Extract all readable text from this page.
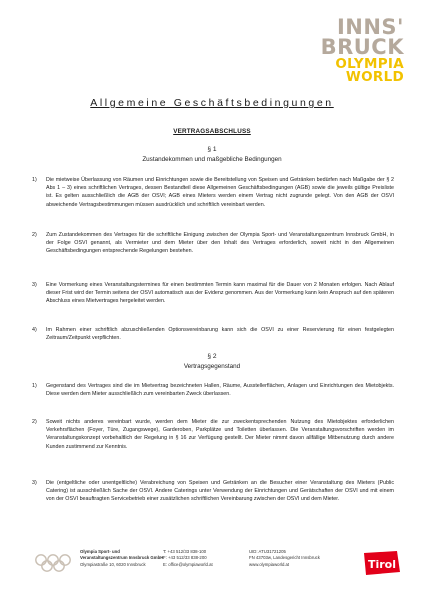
INNS'
BRUCK
OLYMPIA
WORLD
Allgemeine Geschäftsbedingungen
VERTRAGSABSCHLUSS
§ 1
Zustandekommen und maßgebliche Bedingungen
1) Die mietweise Überlassung von Räumen und Einrichtungen sowie die Bereitstellung von Speisen und Getränken bedürfen nach Maßgabe der § 2 Abs 1 – 3) eines schriftlichen Vertrages, dessen Bestandteil diese Allgemeinen Geschäftsbedingungen (AGB) sowie die jeweils gültige Preisliste ist. Es gelten ausschließlich die AGB der OSVI; AGB eines Mieters werden einem Vertrag nicht zugrunde gelegt. Von den AGB der OSVI abweichende Vertragsbestimmungen müssen ausdrücklich und schriftlich vereinbart werden.
2) Zum Zustandekommen des Vertrages für die schriftliche Einigung zwischen der Olympia Sport- und Veranstaltungszentrum Innsbruck GmbH, in der Folge OSVI genannt, als Vermieter und dem Mieter über den Inhalt des Vertrages erforderlich, soweit nicht in den Allgemeinen Geschäftsbedingungen entsprechende Regelungen bestehen.
3) Eine Vormerkung eines Veranstaltungstermines für einen bestimmten Termin kann maximal für die Dauer von 2 Monaten erfolgen. Nach Ablauf dieser Frist wird der Termin seitens der OSVI automatisch aus der Evidenz genommen. Aus der Vormerkung kann kein Anspruch auf den späteren Abschluss eines Mietvertrages hergeleitet werden.
4) Im Rahmen einer schriftlich abzuschließenden Optionsvereinbarung kann sich die OSVI zu einer Reservierung für einen festgelegten Zeitraum/Zeitpunkt verpflichten.
§ 2
Vertragsgegenstand
1) Gegenstand des Vertrages sind die im Mietvertrag bezeichneten Hallen, Räume, Ausstellerflächen, Anlagen und Einrichtungen des Mietobjekts. Diese werden dem Mieter ausschließlich zum vereinbarten Zweck überlassen.
2) Soweit nichts anderes vereinbart wurde, werden dem Mieter die zur zweckentsprechenden Nutzung des Mietobjektes erforderlichen Verkehrsflächen (Foyer, Türe, Zugangswege), Garderoben, Parkplätze und Toiletten überlassen. Die Veranstaltungsvorschriften werden im Veranstaltungskonzept vorbehaltlich der Regelung in § 16 zur Verfügung gestellt. Der Mieter nimmt davon allfällige Mitbenutzung durch andere Kunden zustimmend zur Kenntnis.
3) Die (entgeltliche oder unentgeltliche) Verabreichung von Speisen und Getränken an die Besucher einer Veranstaltung des Mieters (Public Catering) ist ausschließlich Sache der OSVI. Andere Caterings unter Verwendung der Einrichtungen und Gerätschaften der OSVI und mit einem von der OSVI beauftragten Servicebetrieb einer zusätzlichen schriftlichen Vereinbarung zwischen der OSVI und dem Mieter.
Olympia Sport- und
Veranstaltungszentrum Innsbruck GmbH
Olympiastraße 10, 6020 Innsbruck
T: +43 512/33 838-100
F: +43 512/33 838-200
E: office@olympiaworld.at
UID: ATU31721205
FN 43703w, Landesgericht Innsbruck
www.olympiaworld.at	Tirol
